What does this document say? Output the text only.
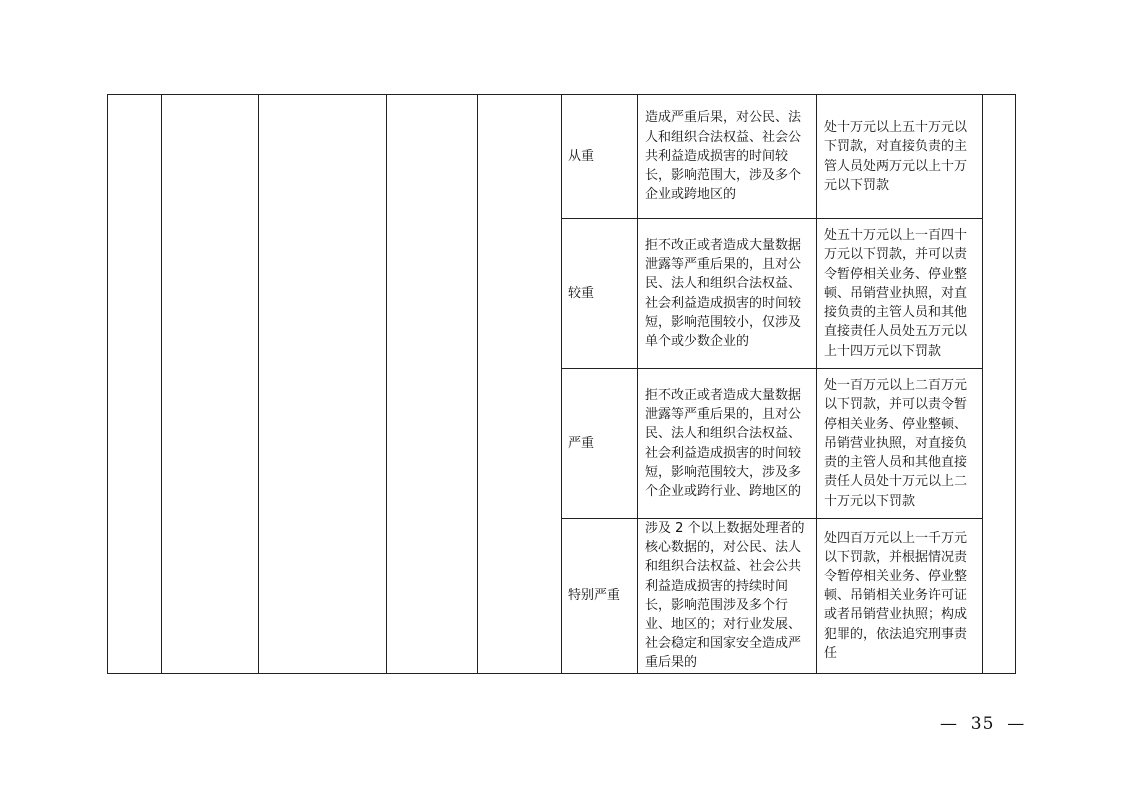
					从重	造成严重后果，对公民、法人和组织合法权益、社会公共利益造成损害的时间较长，影响范围大，涉及多个企业或跨地区的	处十万元以上五十万元以下罚款，对直接负责的主管人员处两万元以上十万元以下罚款	
					较重	拒不改正或者造成大量数据泄露等严重后果的，且对公民、法人和组织合法权益、社会利益造成损害的时间较短，影响范围较小，仅涉及单个或少数企业的	处五十万元以上一百四十万元以下罚款，并可以责令暂停相关业务、停业整顿、吊销营业执照，对直接负责的主管人员和其他直接责任人员处五万元以上十四万元以下罚款	
					严重	拒不改正或者造成大量数据泄露等严重后果的，且对公民、法人和组织合法权益、社会利益造成损害的时间较短，影响范围较大，涉及多个企业或跨行业、跨地区的	处一百万元以上二百万元以下罚款，并可以责令暂停相关业务、停业整顿、吊销营业执照，对直接负责的主管人员和其他直接责任人员处十万元以上二十万元以下罚款	
					特别严重	涉及 2 个以上数据处理者的核心数据的，对公民、法人和组织合法权益、社会公共利益造成损害的持续时间长，影响范围涉及多个行业、地区的；对行业发展、社会稳定和国家安全造成严重后果的	处四百万元以上一千万元以下罚款，并根据情况责令暂停相关业务、停业整顿、吊销相关业务许可证或者吊销营业执照；构成犯罪的，依法追究刑事责任	
—  35  —
